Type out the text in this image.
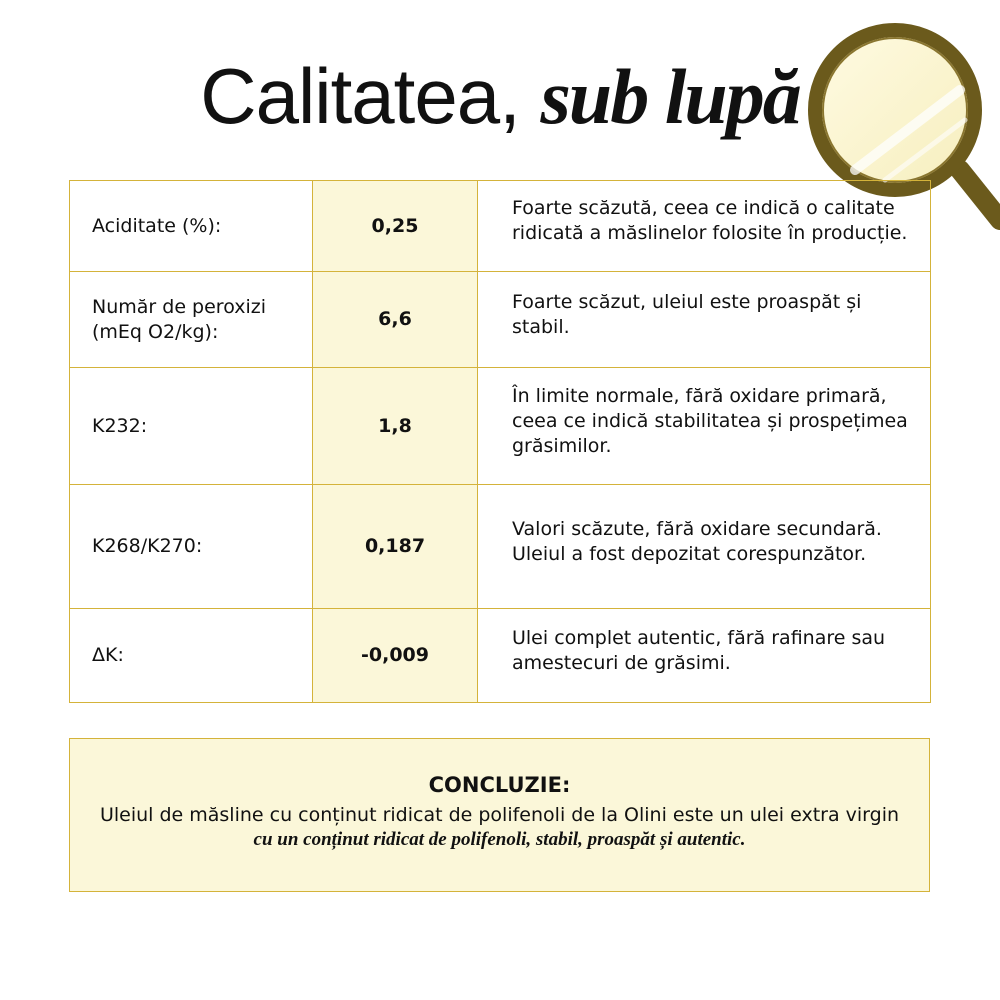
Calitatea, sub lupă
Aciditate (%):	0,25	Foarte scăzută, ceea ce indică o calitate
ridicată a măslinelor folosite în producție.

Număr de peroxizi
(mEq O2/kg):	6,6	Foarte scăzut, uleiul este proaspăt și stabil.

K232:	1,8	În limite normale, fără oxidare primară,
ceea ce indică stabilitatea și prospețimea
grăsimilor.

K268/K270:	0,187	Valori scăzute, fără oxidare secundară.
Uleiul a fost depozitat corespunzător.

ΔK:	-0,009	Ulei complet autentic, fără rafinare sau
amestecuri de grăsimi.
CONCLUZIE:
Uleiul de măsline cu conținut ridicat de polifenoli de la Olini este un ulei extra virgin
cu un conținut ridicat de polifenoli, stabil, proaspăt și autentic.
